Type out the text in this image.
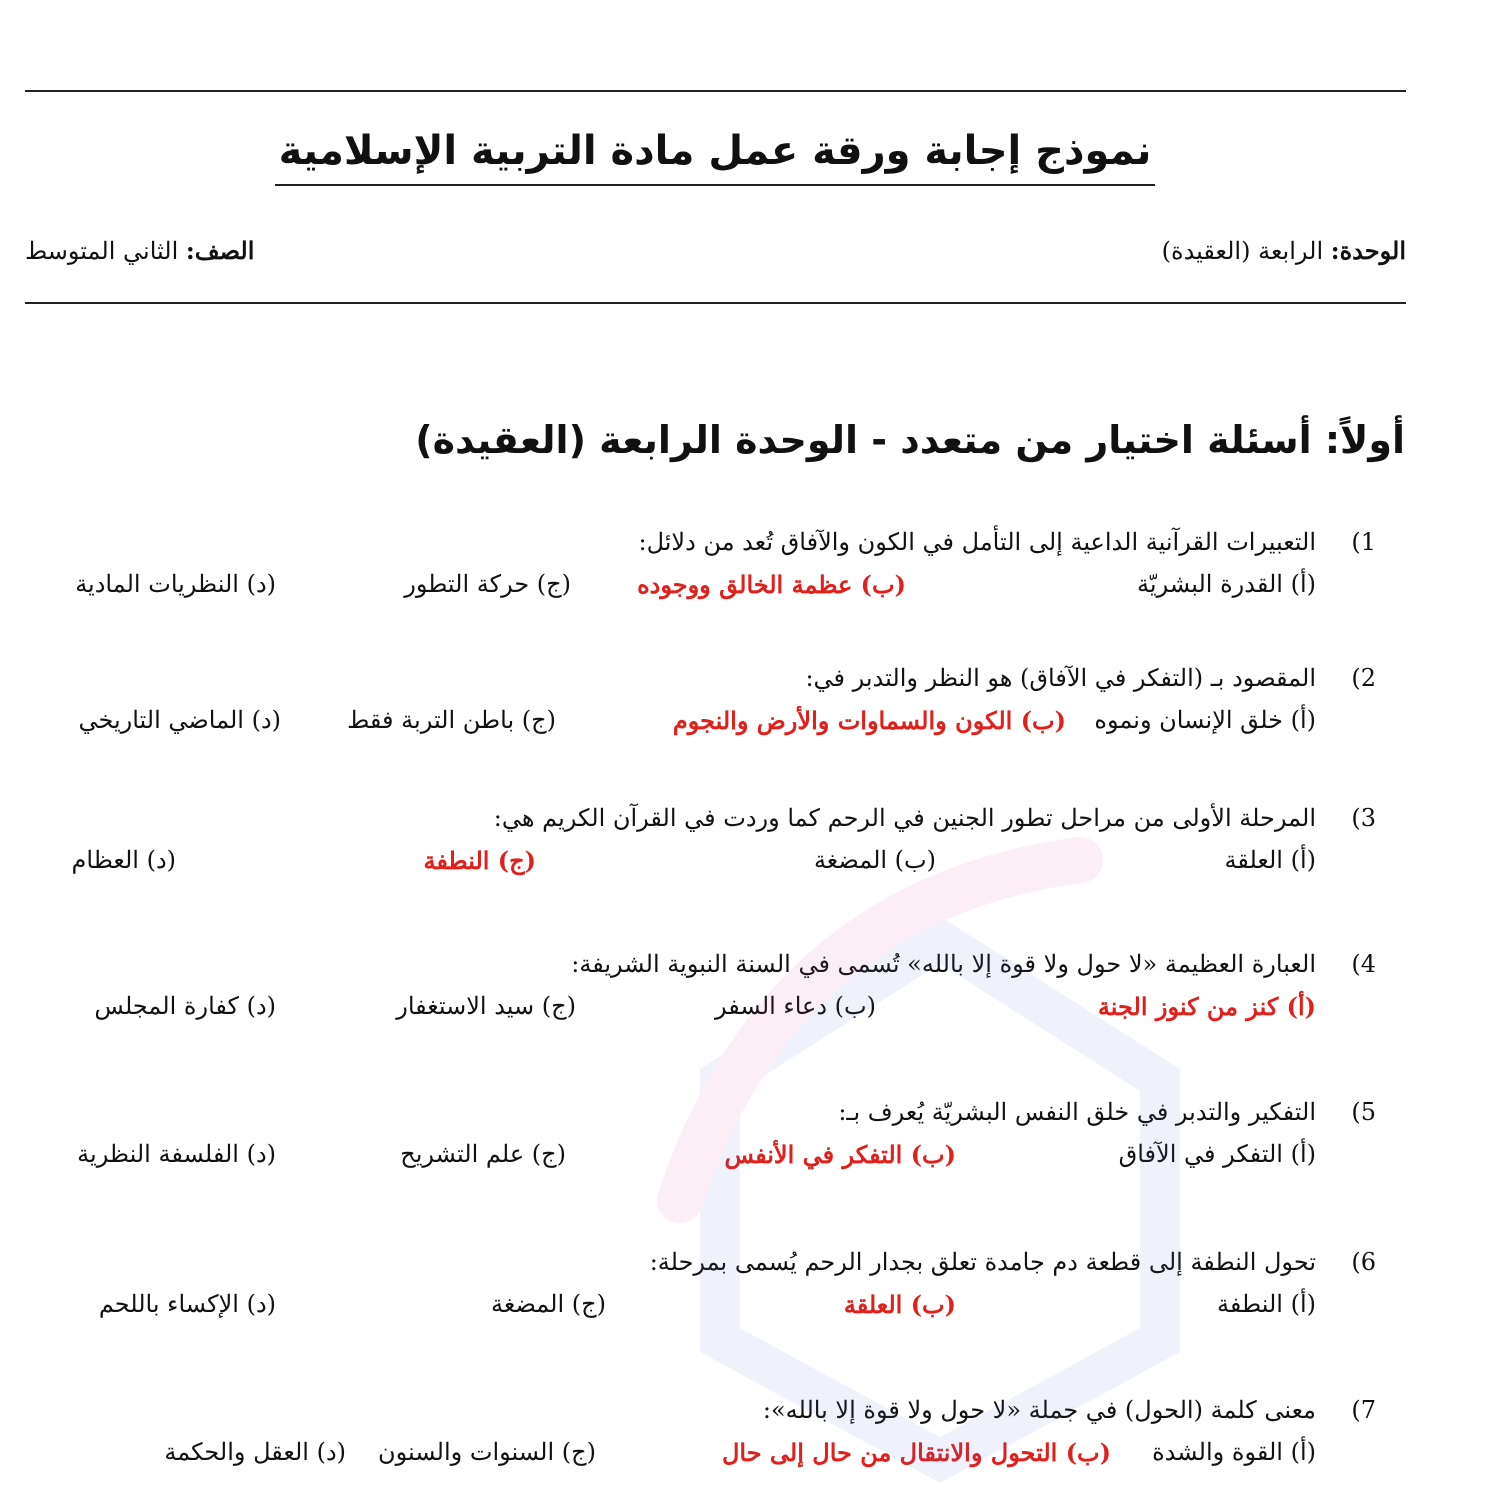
نموذج إجابة ورقة عمل مادة التربية الإسلامية
الوحدة: الرابعة (العقيدة)
الصف: الثاني المتوسط
أولاً: أسئلة اختيار من متعدد - الوحدة الرابعة (العقيدة)
1)
التعبيرات القرآنية الداعية إلى التأمل في الكون والآفاق تُعد من دلائل:
(أ) القدرة البشريّة
(ب) عظمة الخالق ووجوده
(ج) حركة التطور
(د) النظريات المادية
2)
المقصود بـ (التفكر في الآفاق) هو النظر والتدبر في:
(أ) خلق الإنسان ونموه
(ب) الكون والسماوات والأرض والنجوم
(ج) باطن التربة فقط
(د) الماضي التاريخي
3)
المرحلة الأولى من مراحل تطور الجنين في الرحم كما وردت في القرآن الكريم هي:
(أ) العلقة
(ب) المضغة
(ج) النطفة
(د) العظام
4)
العبارة العظيمة «لا حول ولا قوة إلا بالله» تُسمى في السنة النبوية الشريفة:
(أ) كنز من كنوز الجنة
(ب) دعاء السفر
(ج) سيد الاستغفار
(د) كفارة المجلس
5)
التفكير والتدبر في خلق النفس البشريّة يُعرف بـ:
(أ) التفكر في الآفاق
(ب) التفكر في الأنفس
(ج) علم التشريح
(د) الفلسفة النظرية
6)
تحول النطفة إلى قطعة دم جامدة تعلق بجدار الرحم يُسمى بمرحلة:
(أ) النطفة
(ب) العلقة
(ج) المضغة
(د) الإكساء باللحم
7)
معنى كلمة (الحول) في جملة «لا حول ولا قوة إلا بالله»:
(أ) القوة والشدة
(ب) التحول والانتقال من حال إلى حال
(ج) السنوات والسنون
(د) العقل والحكمة
